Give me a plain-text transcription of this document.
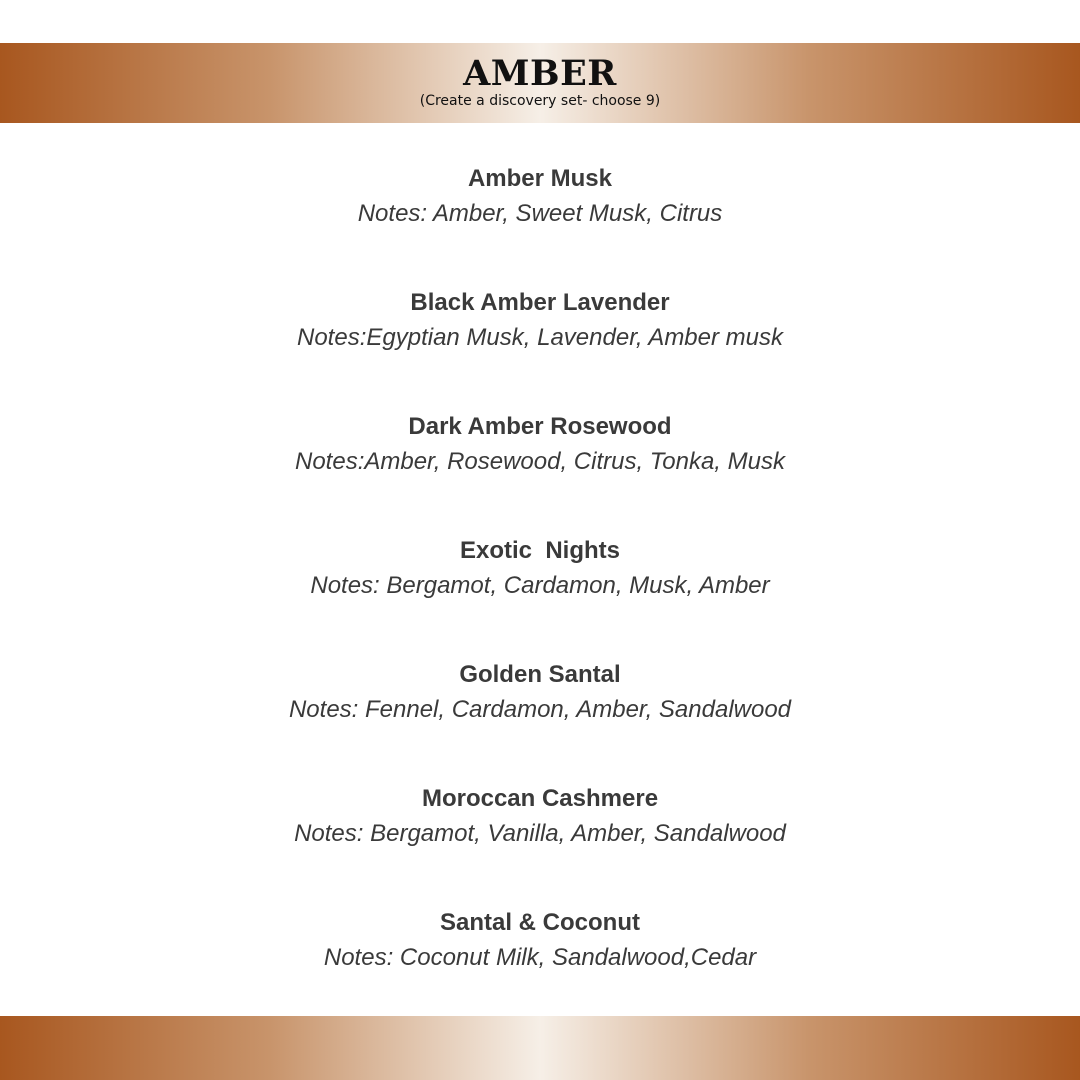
AMBER

(Create a discovery set- choose 9)

Amber Musk
Notes: Amber, Sweet Musk, Citrus
Black Amber Lavender
Notes:Egyptian Musk, Lavender, Amber musk
Dark Amber Rosewood
Notes:Amber, Rosewood, Citrus, Tonka, Musk
Exotic  Nights
Notes: Bergamot, Cardamon, Musk, Amber
Golden Santal
Notes: Fennel, Cardamon, Amber, Sandalwood
Moroccan Cashmere
Notes: Bergamot, Vanilla, Amber, Sandalwood
Santal & Coconut
Notes: Coconut Milk, Sandalwood,Cedar
